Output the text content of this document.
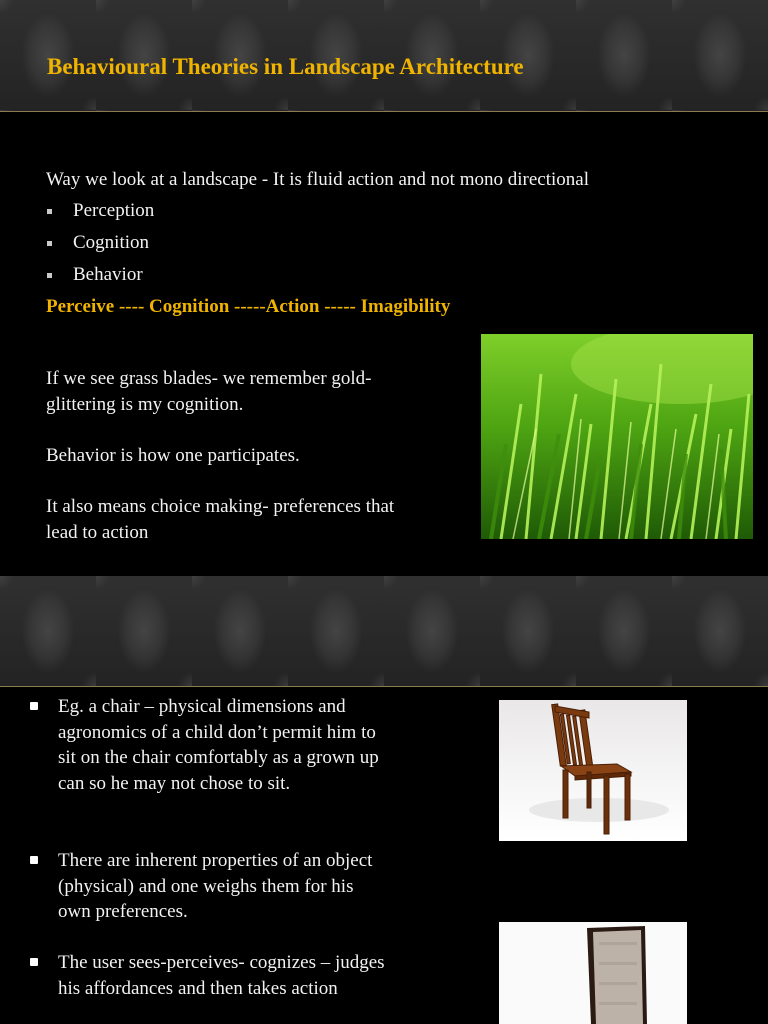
Behavioural Theories in Landscape Architecture
Way we look at a landscape - It is fluid action and not mono directional
Perception
Cognition
Behavior
Perceive ---- Cognition -----Action ----- Imagibility
If we see grass blades- we remember gold-glittering is my cognition.
Behavior is how one participates.
It also means choice making- preferences that lead to action
Eg. a chair – physical dimensions and agronomics of a child don’t permit him to sit on the chair comfortably as a grown up can so he may not chose to sit.
There are inherent properties of an object (physical) and one weighs them for his own preferences.
The user sees-perceives- cognizes – judges his affordances and then takes action
